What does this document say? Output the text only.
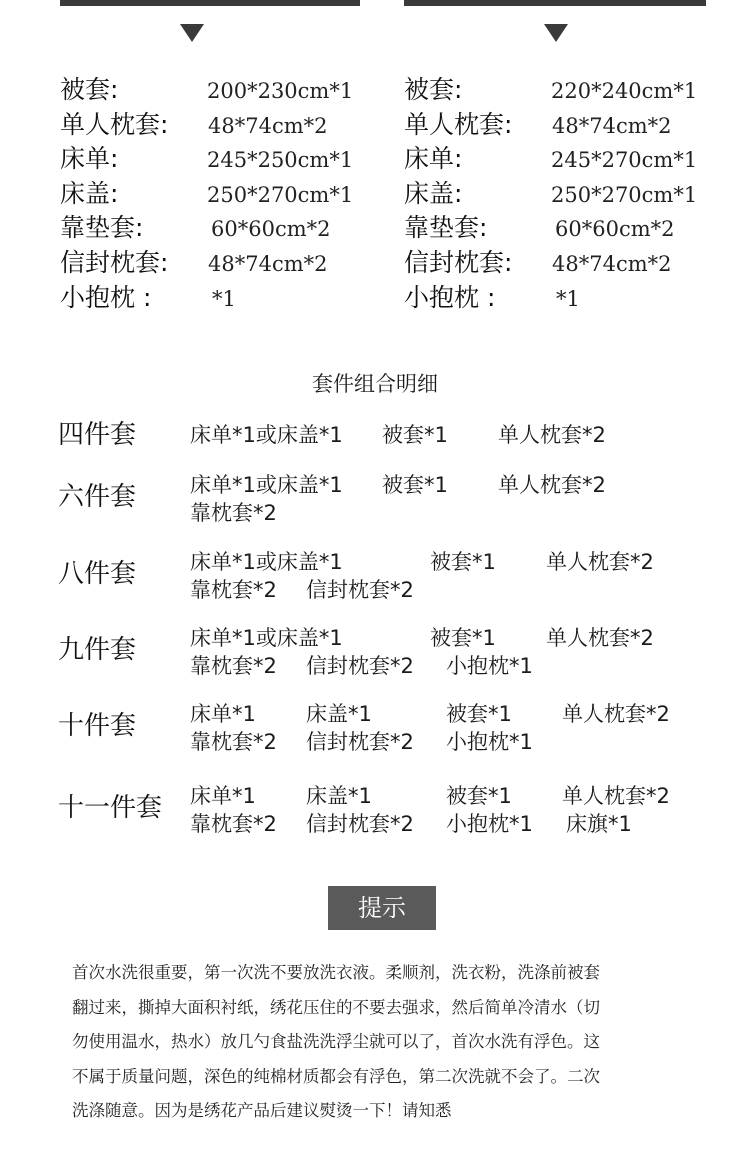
被套:	200*230cm*1
单人枕套: 48*74cm*2
床单:	245*250cm*1
床盖:	250*270cm*1
靠垫套:	60*60cm*2
信封枕套: 48*74cm*2
小抱枕 :	*1
被套:	220*240cm*1
单人枕套: 48*74cm*2
床单:	245*270cm*1
床盖:	250*270cm*1
靠垫套:	60*60cm*2
信封枕套: 48*74cm*2
小抱枕 :	*1
套件组合明细
四件套	床单*1或床盖*1 被套*1 单人枕套*2
六件套	床单*1或床盖*1 被套*1 单人枕套*2
靠枕套*2
八件套	床单*1或床盖*1	被套*1 单人枕套*2
靠枕套*2 信封枕套*2
九件套	床单*1或床盖*1	被套*1 单人枕套*2
靠枕套*2 信封枕套*2 小抱枕*1
十件套	床单*1 床盖*1	被套*1 单人枕套*2
靠枕套*2 信封枕套*2 小抱枕*1
十一件套 床单*1 床盖*1	被套*1 单人枕套*2
靠枕套*2 信封枕套*2 小抱枕*1 床旗*1
提示
首次水洗很重要，第一次洗不要放洗衣液。柔顺剂，洗衣粉，洗涤前被套
翻过来，撕掉大面积衬纸，绣花压住的不要去强求，然后简单冷清水（切
勿使用温水，热水）放几勺食盐洗洗浮尘就可以了，首次水洗有浮色。这
不属于质量问题，深色的纯棉材质都会有浮色，第二次洗就不会了。二次
洗涤随意。因为是绣花产品后建议熨烫一下！请知悉
